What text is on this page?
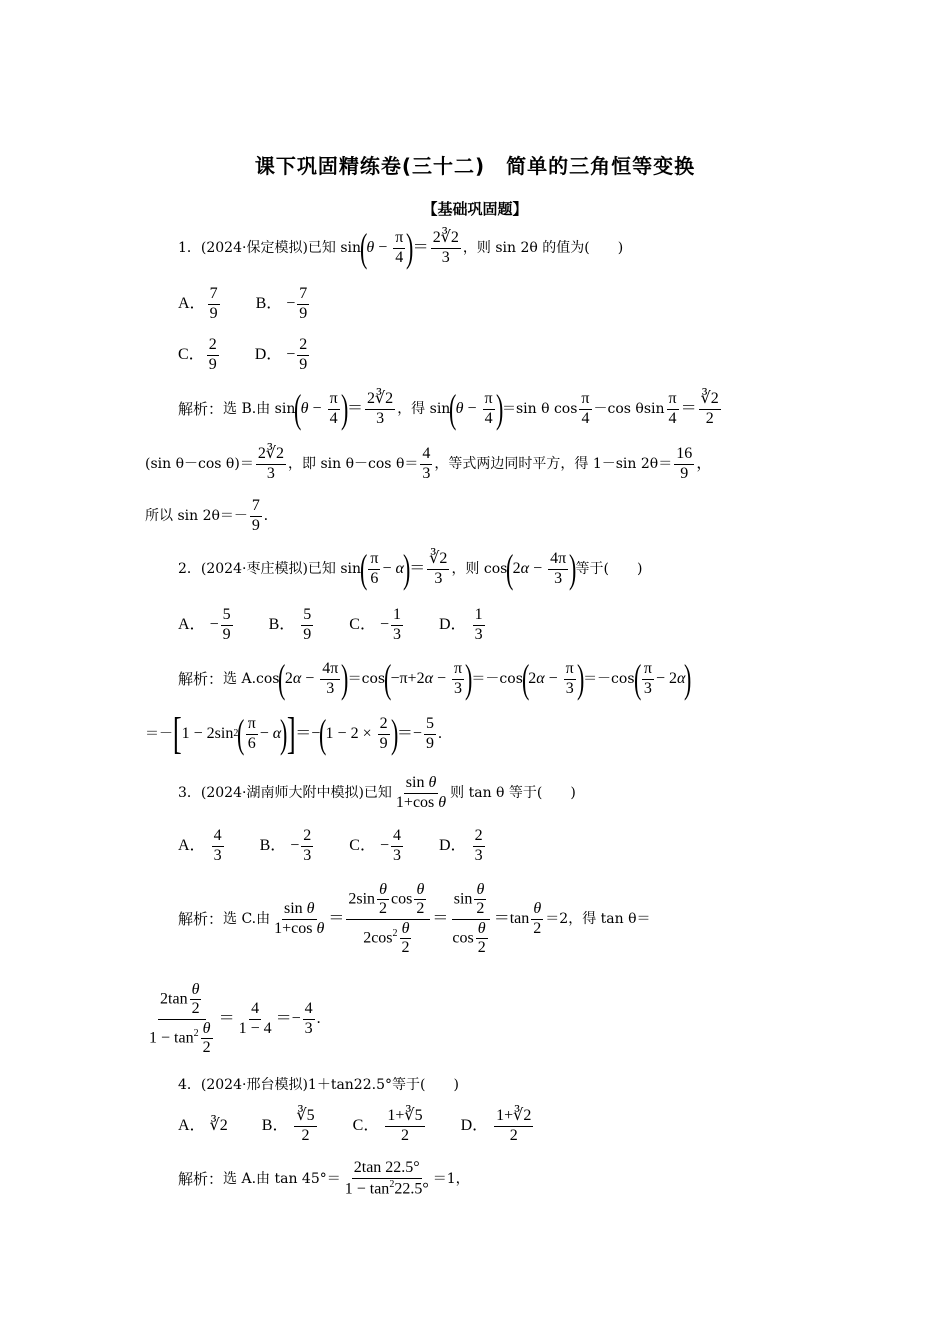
课下巩固精练卷(三十二)　简单的三角恒等变换
【基础巩固题】
1．(2024·保定模拟)已知 sin
(
$\theta - \frac{\pi}{4}$ )
＝ $\frac{2∛2}{3}$ ，则 sin 2θ 的值为(　　)
A． $\frac{7}{9}$ B． − $\frac{7}{9}$
C． $\frac{2}{9}$ D． − $\frac{2}{9}$
解析： 选 B.由 sin
(
$\theta - \frac{\pi}{4}$ )
＝ $\frac{2∛2}{3}$ ，得 sin
(
$\theta - \frac{\pi}{4}$ )
＝sin θ $\cos \frac{\pi}{4} -\cos$ θsin $\frac{\pi}{4} = \frac{∛2}{2}$
(sin θ－cos $\theta)= \frac{2∛2}{3}$ ，即 sin θ－cos $\theta= \frac{4}{3}$ ，等式两边同时平方，得 1－sin $2\theta= \frac{16}{9}$ ，
所以 $\sin 2\theta=- \frac{7}{9}$ .
2．(2024·枣庄模拟)已知 sin
( $\frac{\pi}{6} - \alpha$
)
＝ $\frac{∛2}{3}$ ，则 cos
(
2 $\alpha - \frac{4\pi}{3}$ )
等于(　　)
A． − $\frac{5}{9}$ B．
$\frac{5}{9}$ C． − $\frac{1}{3}$ D．
$\frac{1}{3}$
解析： 选 A.cos
(
2 $\alpha - \frac{4\pi}{3}$ )
＝cos
(
−π+2 $\alpha - \frac{\pi}{3}$ )
＝－cos
(
2 $\alpha - \frac{\pi}{3}$ )
＝－cos
( $\frac{\pi}{3} - 2$ α
)
＝－ [ 1 − 2sin 2
( $\frac{\pi}{6} - \alpha$
)
] ＝−
(
$1 - 2 \times \frac{2}{9}$ )
＝− $\frac{5}{9}$ .
3．(2024·湖南师大附中模拟)已知 $\frac{\text{sin θ}}{\text{1+cos θ}}$ 则 tan θ 等于(　　)
A．
$\frac{4}{3}$ B． − $\frac{2}{3}$ C． − $\frac{4}{3}$ D．
$\frac{2}{3}$
解析： 选 C.由 $\frac{\text{sin θ}}{\text{1+cos θ}} = \frac{2\sin \frac{\theta}{2} \cos \frac{\theta}{2}}{2\cos^2 \frac{\theta}{2}} = \frac{\sin \frac{\theta}{2}}{\cos \frac{\theta}{2}} =\tan \frac{\theta}{2} =2$，得 tan θ＝
$\frac{2\tan \frac{\theta}{2}}{1 - \tan^2 \frac{\theta}{2}} = \frac{4}{1 - 4} =- \frac{4}{3}$ .
4．(2024·邢台模拟)1＋tan22.5°等于(　　)
A． ∛2 B．
$\frac{∛5}{2}$ C．
$\frac{1+∛5}{2}$ D．
$\frac{1+∛2}{2}$
解析： 选 A.由 $\tan 45^\circ= \frac{2\tan 22.5^\circ}{1 - \tan^222.5^\circ} =1$，
